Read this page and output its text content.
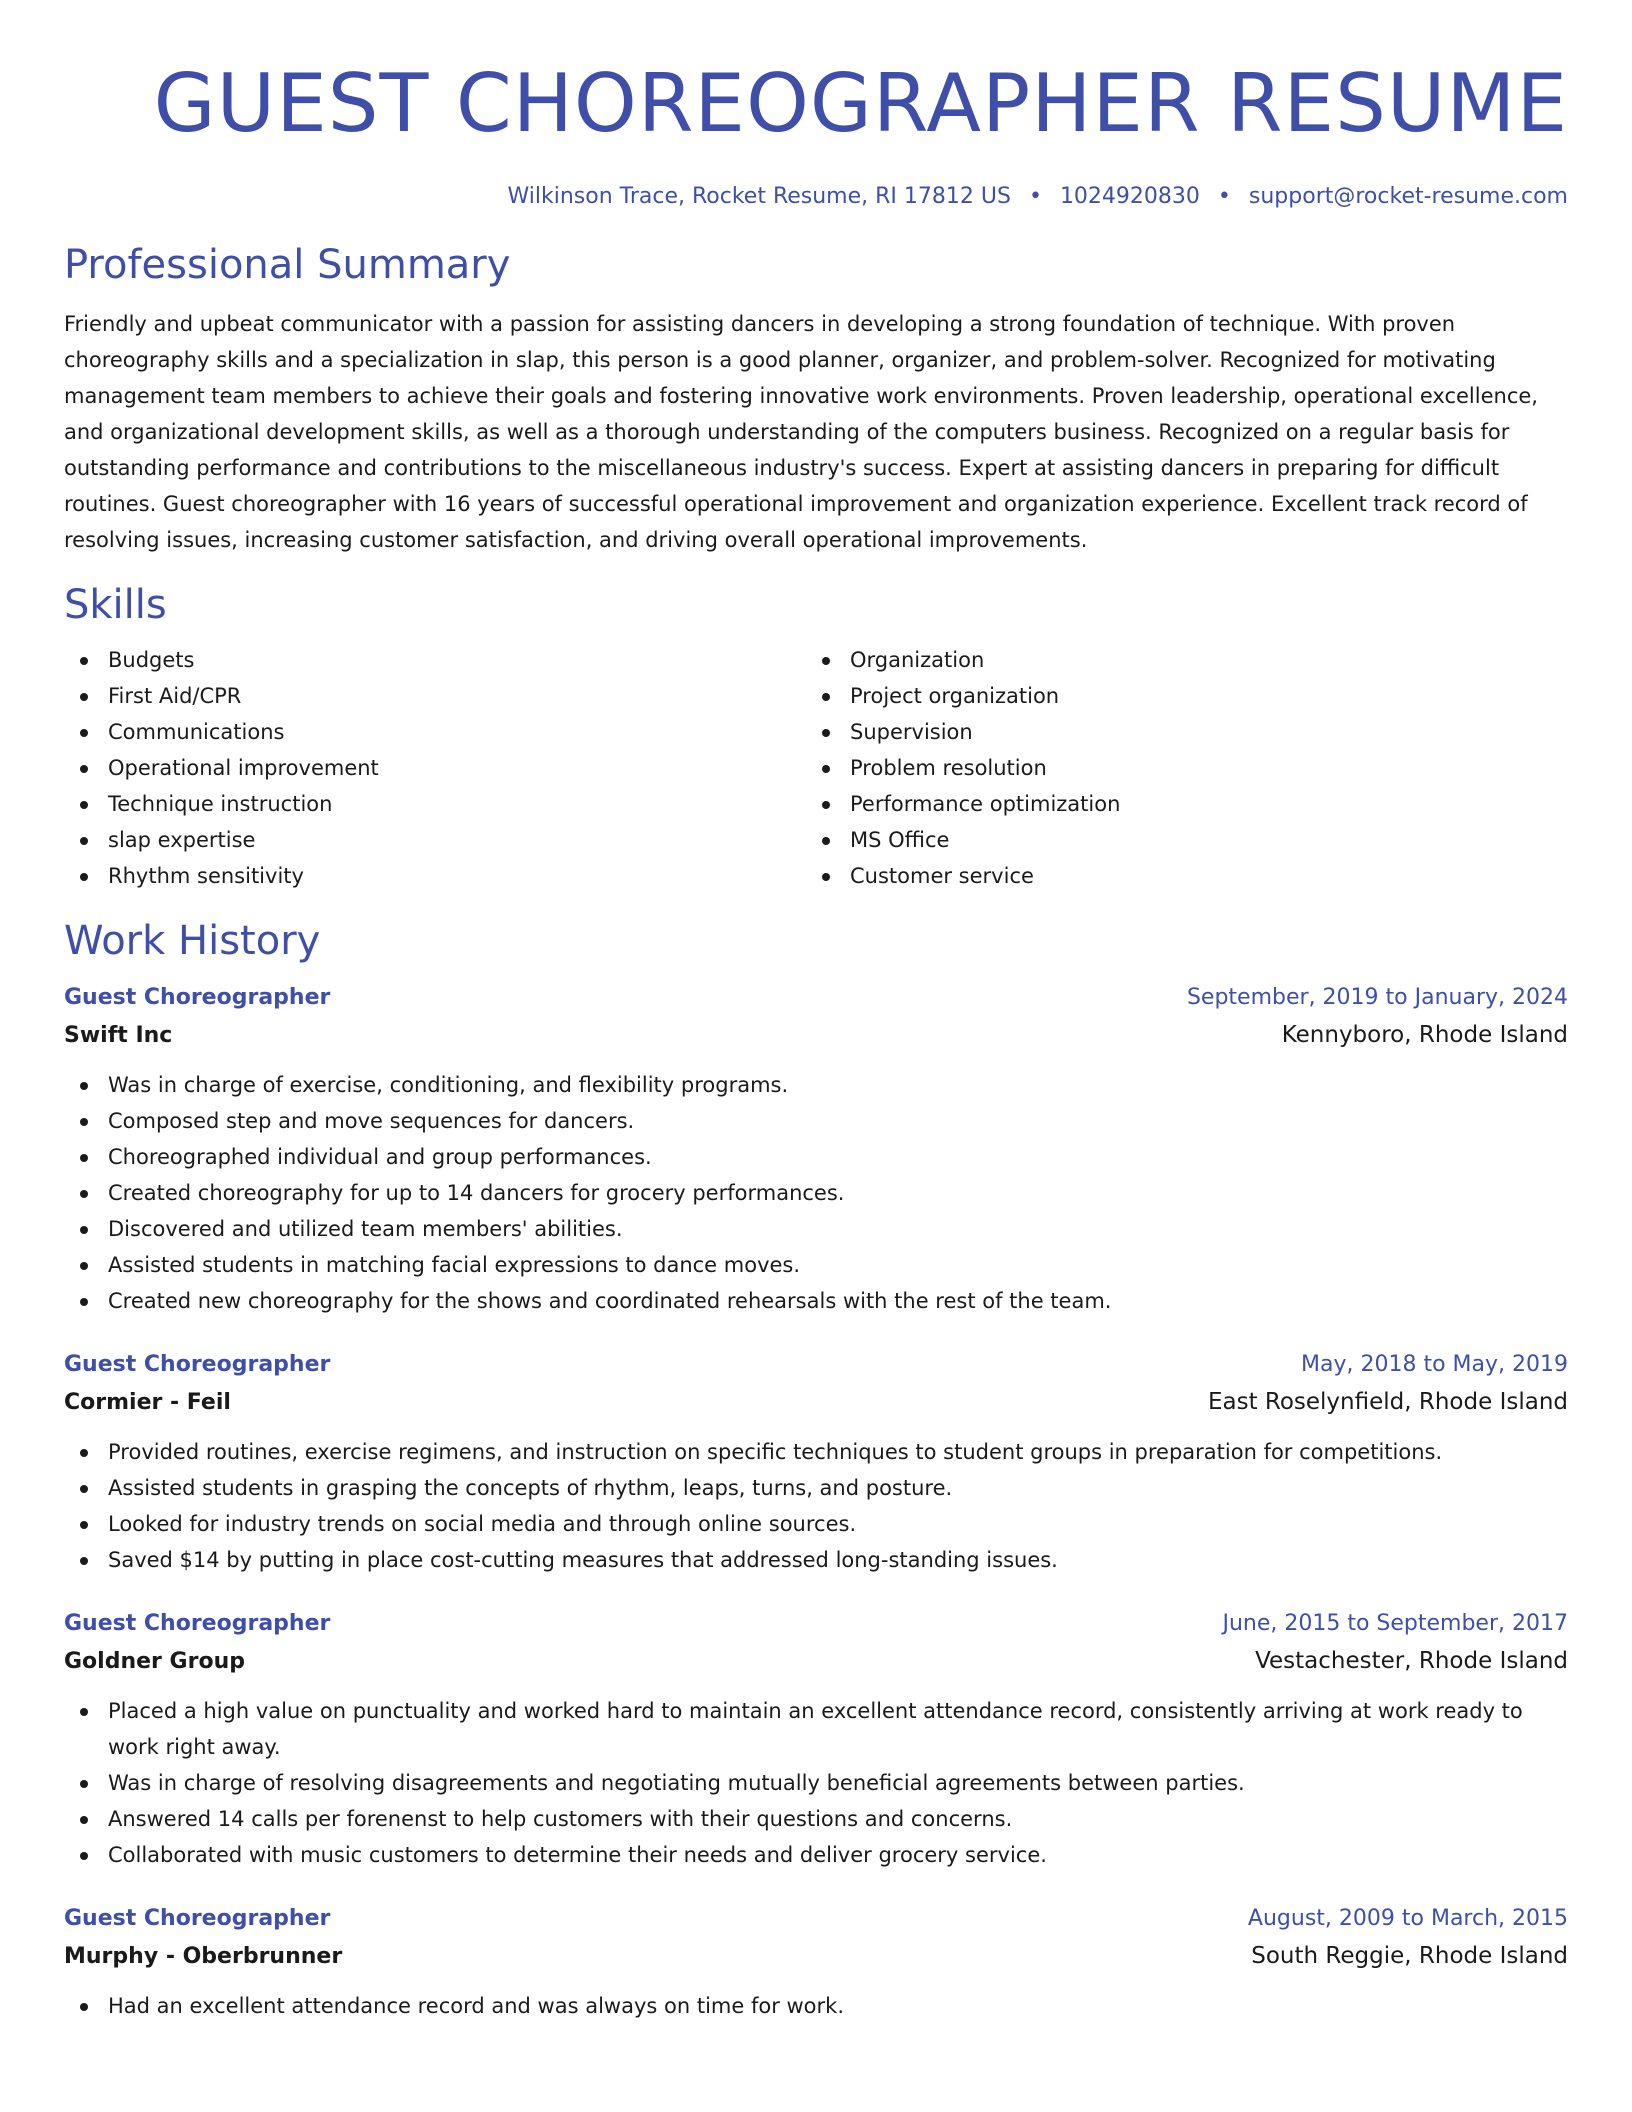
GUEST CHOREOGRAPHER RESUME
Wilkinson Trace, Rocket Resume, RI 17812 US • 1024920830 • support@rocket-resume.com
Professional Summary

Friendly and upbeat communicator with a passion for assisting dancers in developing a strong foundation of technique. With proven choreography skills and a specialization in slap, this person is a good planner, organizer, and problem-solver. Recognized for motivating management team members to achieve their goals and fostering innovative work environments. Proven leadership, operational excellence, and organizational development skills, as well as a thorough understanding of the computers business. Recognized on a regular basis for outstanding performance and contributions to the miscellaneous industry's success. Expert at assisting dancers in preparing for difficult routines. Guest choreographer with 16 years of successful operational improvement and organization experience. Excellent track record of resolving issues, increasing customer satisfaction, and driving overall operational improvements.

Skills
Budgets
First Aid/CPR
Communications
Operational improvement
Technique instruction
slap expertise
Rhythm sensitivity
Organization
Project organization
Supervision
Problem resolution
Performance optimization
MS Office
Customer service
Work History
Guest Choreographer	September, 2019 to January, 2024
Swift Inc	Kennyboro, Rhode Island
Was in charge of exercise, conditioning, and flexibility programs.
Composed step and move sequences for dancers.
Choreographed individual and group performances.
Created choreography for up to 14 dancers for grocery performances.
Discovered and utilized team members' abilities.
Assisted students in matching facial expressions to dance moves.
Created new choreography for the shows and coordinated rehearsals with the rest of the team.
Guest Choreographer	May, 2018 to May, 2019
Cormier - Feil	East Roselynfield, Rhode Island
Provided routines, exercise regimens, and instruction on specific techniques to student groups in preparation for competitions.
Assisted students in grasping the concepts of rhythm, leaps, turns, and posture.
Looked for industry trends on social media and through online sources.
Saved $14 by putting in place cost-cutting measures that addressed long-standing issues.
Guest Choreographer	June, 2015 to September, 2017
Goldner Group	Vestachester, Rhode Island
Placed a high value on punctuality and worked hard to maintain an excellent attendance record, consistently arriving at work ready to work right away.
Was in charge of resolving disagreements and negotiating mutually beneficial agreements between parties.
Answered 14 calls per forenenst to help customers with their questions and concerns.
Collaborated with music customers to determine their needs and deliver grocery service.
Guest Choreographer	August, 2009 to March, 2015
Murphy - Oberbrunner	South Reggie, Rhode Island
Had an excellent attendance record and was always on time for work.
